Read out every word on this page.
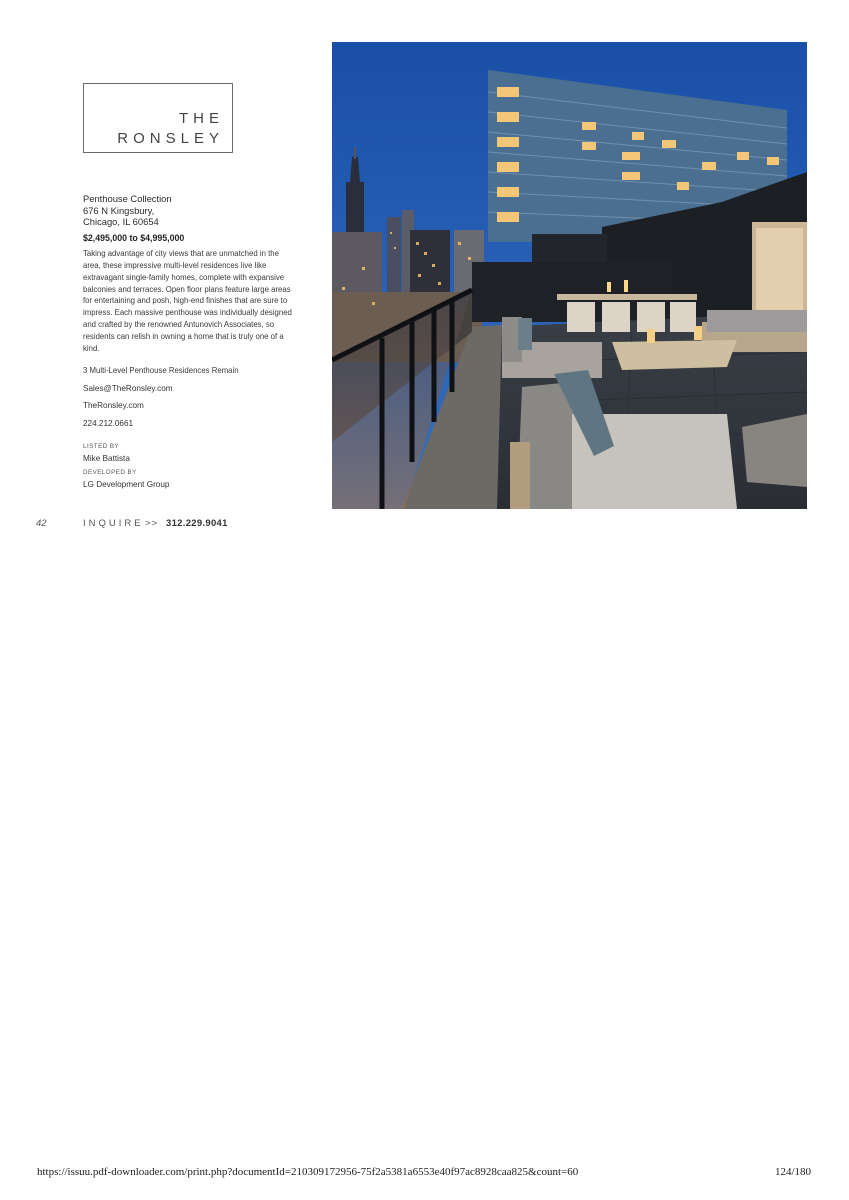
THE
RONSLEY

Penthouse Collection

676 N Kingsbury,

Chicago, IL 60654

$2,495,000 to $4,995,000

Taking advantage of city views that are unmatched in the area, these impressive multi-level residences live like extravagant single-family homes, complete with expansive balconies and terraces. Open floor plans feature large areas for entertaining and posh, high-end finishes that are sure to impress. Each massive penthouse was individually designed and crafted by the renowned Antunovich Associates, so residents can relish in owning a home that is truly one of a kind.

3 Multi-Level Penthouse Residences Remain

Sales@TheRonsley.com

TheRonsley.com

224.212.0661

LISTED BY

Mike Battista

DEVELOPED BY

LG Development Group

42	INQUIRE >> 312.229.9041
https://issuu.pdf-downloader.com/print.php?documentId=210309172956-75f2a5381a6553e40f97ac8928caa825&count=60	124/180
